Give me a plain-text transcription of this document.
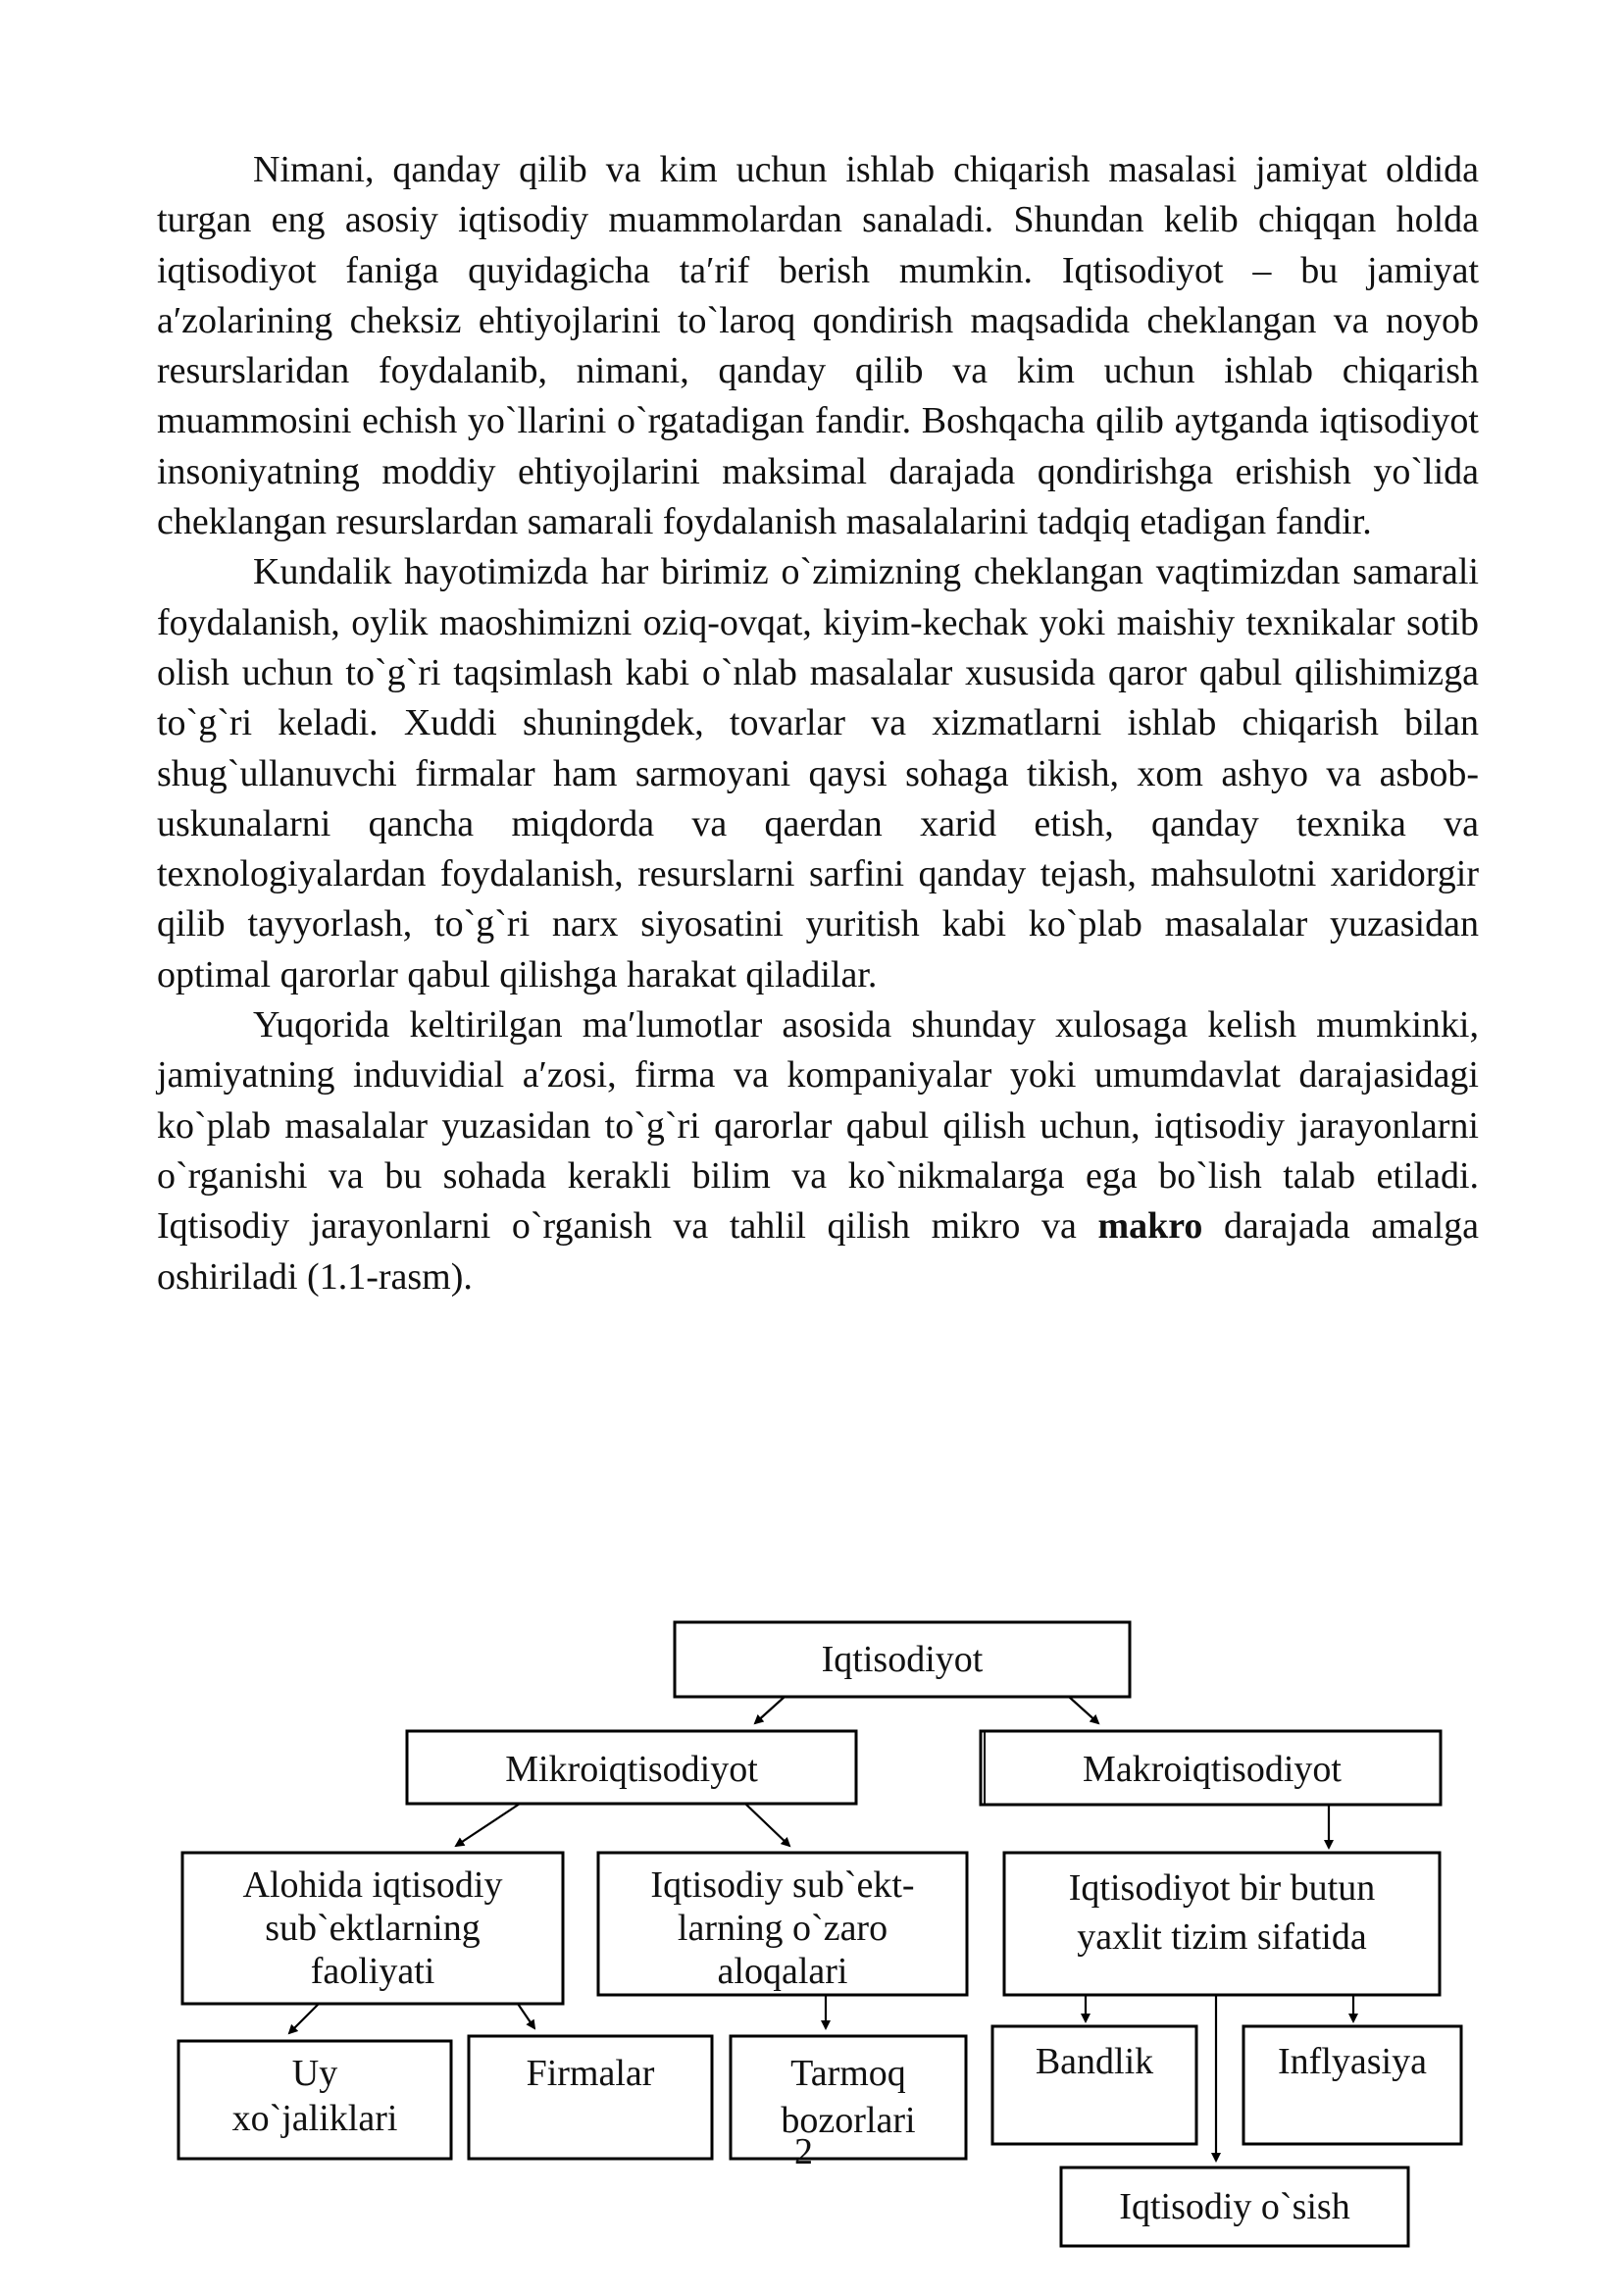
Nimani, qanday qilib va kim uchun ishlab chiqarish masalasi jamiyat oldida turgan eng asosiy iqtisodiy muammolardan sanaladi. Shundan kelib chiqqan holda iqtisodiyot faniga quyidagicha ta′rif berish mumkin. Iqtisodiyot – bu jamiyat a′zolarining cheksiz ehtiyojlarini to`laroq qondirish maqsadida cheklangan va noyob resurslaridan foydalanib, nimani, qanday qilib va kim uchun ishlab chiqarish muammosini echish yo`llarini o`rgatadigan fandir. Boshqacha qilib aytganda iqtisodiyot insoniyatning moddiy ehtiyojlarini maksimal darajada qondirishga erishish yo`lida cheklangan resurslardan samarali foydalanish masalalarini tadqiq etadigan fandir.

Kundalik hayotimizda har birimiz o`zimizning cheklangan vaqtimizdan samarali foydalanish, oylik maoshimizni oziq-ovqat, kiyim-kechak yoki maishiy texnikalar sotib olish uchun to`g`ri taqsimlash kabi o`nlab masalalar xususida qaror qabul qilishimizga to`g`ri keladi. Xuddi shuningdek, tovarlar va xizmatlarni ishlab chiqarish bilan shug`ullanuvchi firmalar ham sarmoyani qaysi sohaga tikish, xom ashyo va asbob-uskunalarni qancha miqdorda va qaerdan xarid etish, qanday texnika va texnologiyalardan foydalanish, resurslarni sarfini qanday tejash, mahsulotni xaridorgir qilib tayyorlash, to`g`ri narx siyosatini yuritish kabi ko`plab masalalar yuzasidan optimal qarorlar qabul qilishga harakat qiladilar.

Yuqorida keltirilgan ma′lumotlar asosida shunday xulosaga kelish mumkinki, jamiyatning induvidial a′zosi, firma va kompaniyalar yoki umumdavlat darajasidagi ko`plab masalalar yuzasidan to`g`ri qarorlar qabul qilish uchun, iqtisodiy jarayonlarni o`rganishi va bu sohada kerakli bilim va ko`nikmalarga ega bo`lish talab etiladi. Iqtisodiy jarayonlarni o`rganish va tahlil qilish mikro va makro darajada amalga oshiriladi (1.1-rasm).

Iqtisodiyot
Mikroiqtisodiyot	Makroiqtisodiyot
Alohida iqtisodiy
sub`ektlarning
faoliyati
Iqtisodiy sub`ekt-
larning o`zaro
aloqalari
Iqtisodiyot bir butun
yaxlit tizim sifatida
Uy
xo`jaliklari
Firmalar	Tarmoq
bozorlari
Bandlik	Inflyasiya
Iqtisodiy o`sish
2
